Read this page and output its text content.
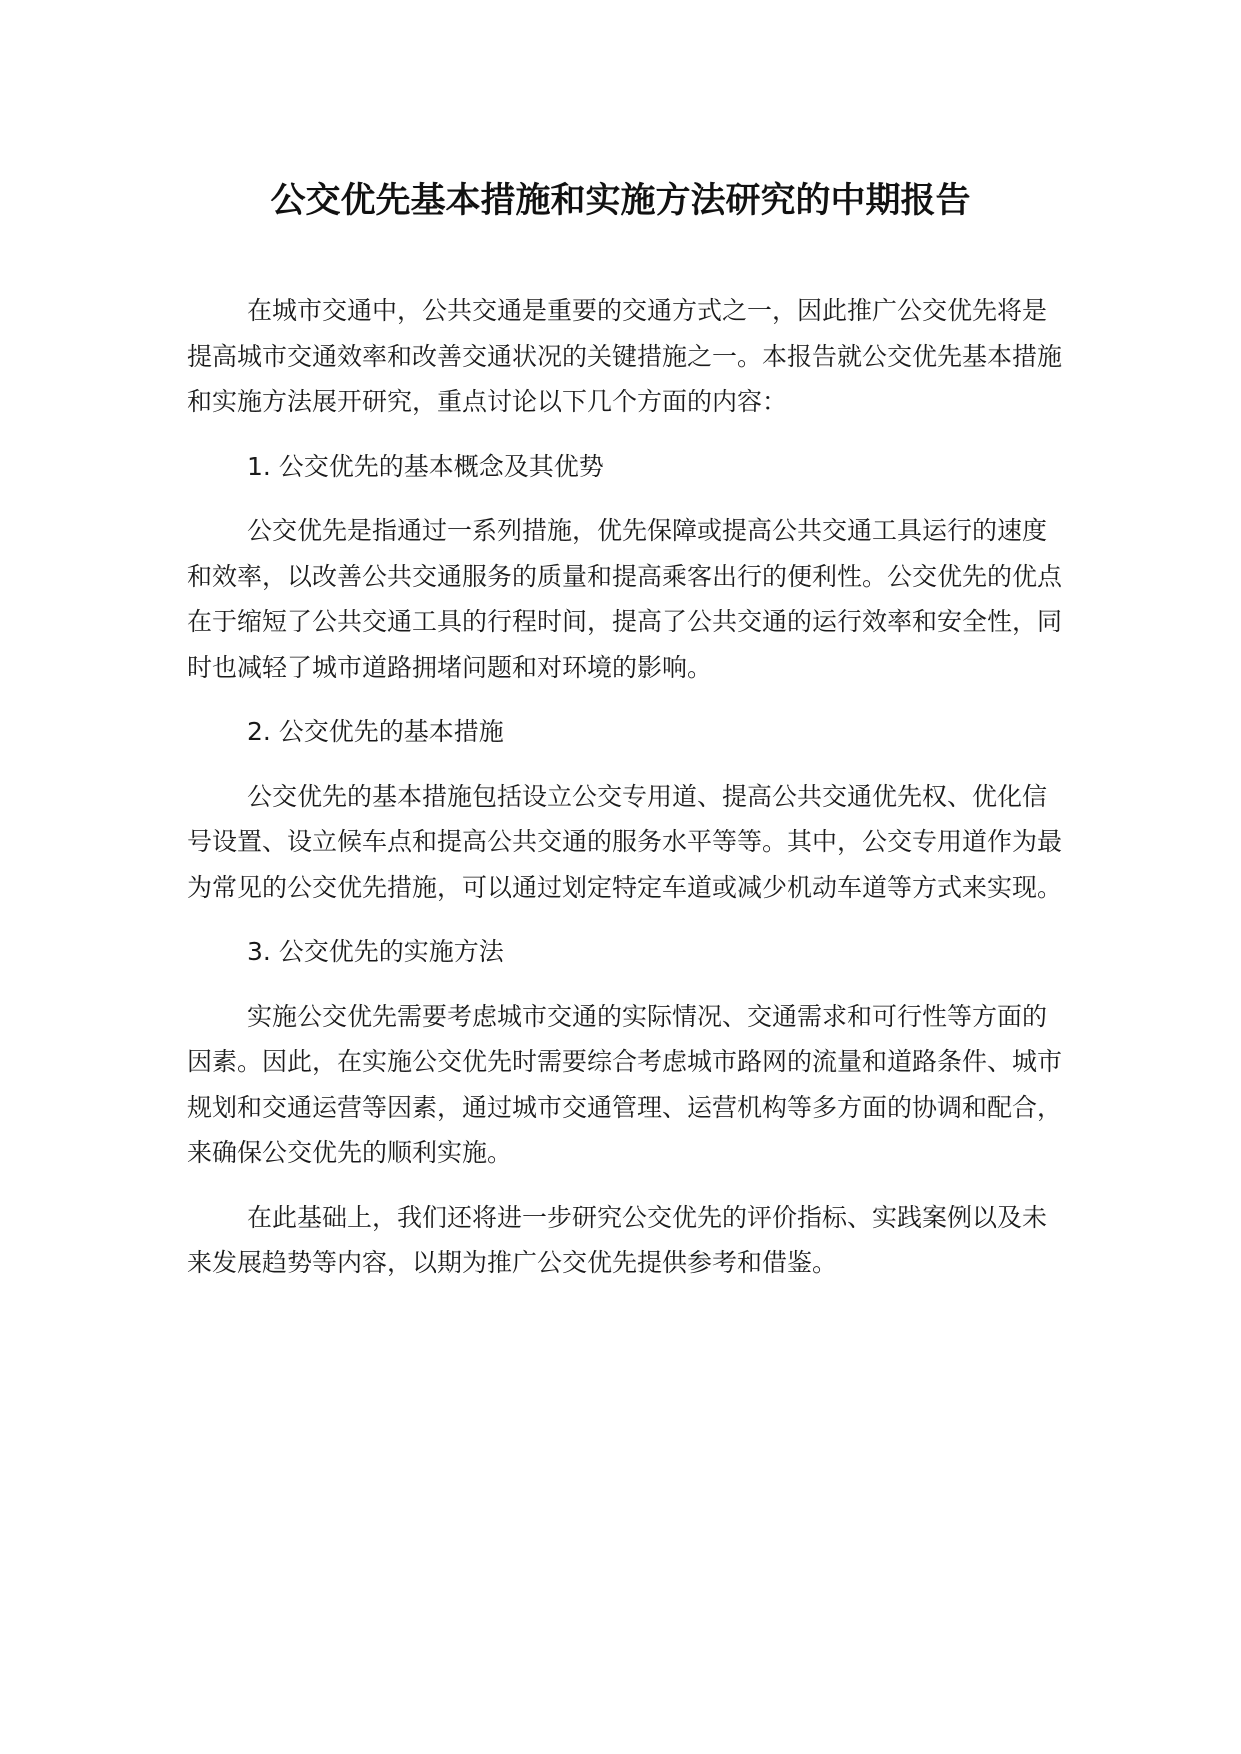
公交优先基本措施和实施方法研究的中期报告

在城市交通中，公共交通是重要的交通方式之一，因此推广公交优先将是提高城市交通效率和改善交通状况的关键措施之一。本报告就公交优先基本措施和实施方法展开研究，重点讨论以下几个方面的内容：

1. 公交优先的基本概念及其优势

公交优先是指通过一系列措施，优先保障或提高公共交通工具运行的速度和效率，以改善公共交通服务的质量和提高乘客出行的便利性。公交优先的优点在于缩短了公共交通工具的行程时间，提高了公共交通的运行效率和安全性，同时也减轻了城市道路拥堵问题和对环境的影响。

2. 公交优先的基本措施

公交优先的基本措施包括设立公交专用道、提高公共交通优先权、优化信号设置、设立候车点和提高公共交通的服务水平等等。其中，公交专用道作为最为常见的公交优先措施，可以通过划定特定车道或减少机动车道等方式来实现。

3. 公交优先的实施方法

实施公交优先需要考虑城市交通的实际情况、交通需求和可行性等方面的因素。因此，在实施公交优先时需要综合考虑城市路网的流量和道路条件、城市规划和交通运营等因素，通过城市交通管理、运营机构等多方面的协调和配合，来确保公交优先的顺利实施。

在此基础上，我们还将进一步研究公交优先的评价指标、实践案例以及未来发展趋势等内容，以期为推广公交优先提供参考和借鉴。
